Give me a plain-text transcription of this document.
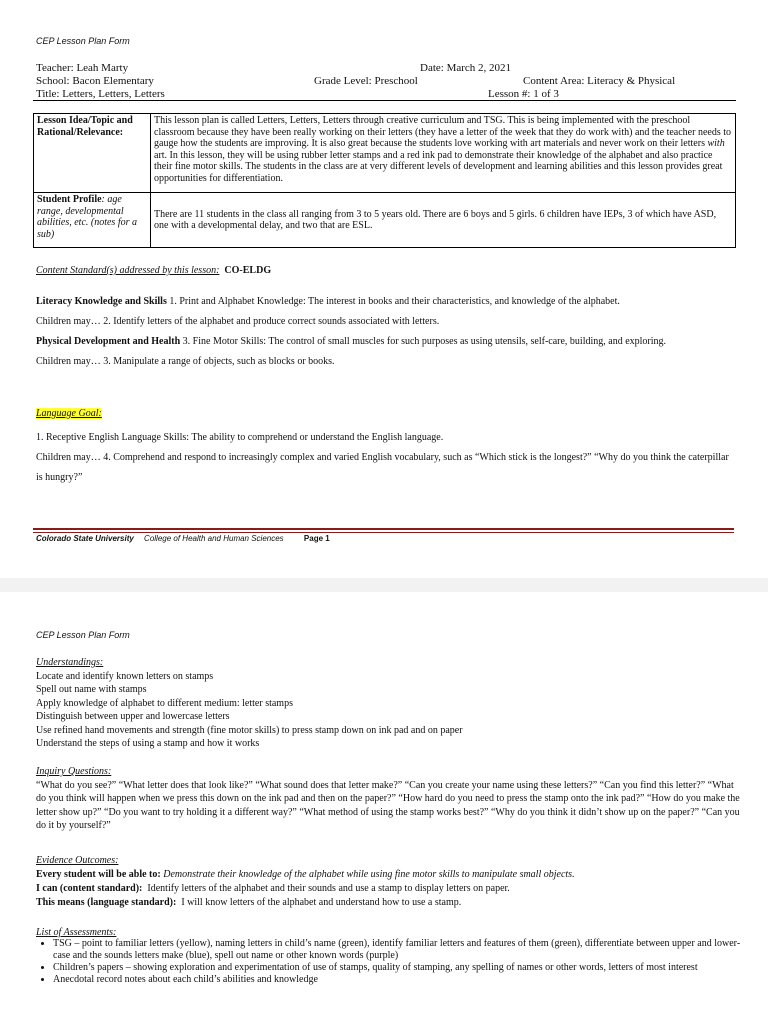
CEP Lesson Plan Form
Teacher: Leah Marty	Date: March 2, 2021
School: Bacon Elementary	Grade Level: Preschool	Content Area: Literacy & Physical
Title: Letters, Letters, Letters	Lesson #: 1 of 3
Lesson Idea/Topic and Rational/Relevance:	This lesson plan is called Letters, Letters, Letters through creative curriculum and TSG. This is being implemented with the preschool classroom because they have been really working on their letters (they have a letter of the week that they do work with) and the teacher needs to gauge how the students are improving. It is also great because the students love working with art materials and never work on their letters with art. In this lesson, they will be using rubber letter stamps and a red ink pad to demonstrate their knowledge of the alphabet and also practice their fine motor skills. The students in the class are at very different levels of development and learning abilities and this lesson provides great opportunities for differentiation.
Student Profile: age range, developmental abilities, etc. (notes for a sub)	There are 11 students in the class all ranging from 3 to 5 years old. There are 6 boys and 5 girls. 6 children have IEPs, 3 of which have ASD, one with a developmental delay, and two that are ESL.
Content Standard(s) addressed by this lesson: CO-ELDG
Literacy Knowledge and Skills 1. Print and Alphabet Knowledge: The interest in books and their characteristics, and knowledge of the alphabet.
Children may… 2. Identify letters of the alphabet and produce correct sounds associated with letters.
Physical Development and Health 3. Fine Motor Skills: The control of small muscles for such purposes as using utensils, self-care, building, and exploring.
Children may… 3. Manipulate a range of objects, such as blocks or books.
Language Goal:
1. Receptive English Language Skills: The ability to comprehend or understand the English language.
Children may… 4. Comprehend and respond to increasingly complex and varied English vocabulary, such as “Which stick is the longest?” “Why do you think the caterpillar is hungry?”
Colorado State University College of Health and Human Sciences	Page 1
CEP Lesson Plan Form
Understandings:
Locate and identify known letters on stamps
Spell out name with stamps
Apply knowledge of alphabet to different medium: letter stamps
Distinguish between upper and lowercase letters
Use refined hand movements and strength (fine motor skills) to press stamp down on ink pad and on paper
Understand the steps of using a stamp and how it works
Inquiry Questions:
“What do you see?” “What letter does that look like?” “What sound does that letter make?” “Can you create your name using these letters?” “Can you find this letter?” “What do you think will happen when we press this down on the ink pad and then on the paper?” “How hard do you need to press the stamp onto the ink pad?” “How do you make the letter show up?” “Do you want to try holding it a different way?” “What method of using the stamp works best?” “Why do you think it didn’t show up on the paper?” “Can you do it by yourself?”
Evidence Outcomes:
Every student will be able to: Demonstrate their knowledge of the alphabet while using fine motor skills to manipulate small objects.
I can (content standard): Identify letters of the alphabet and their sounds and use a stamp to display letters on paper.
This means (language standard): I will know letters of the alphabet and understand how to use a stamp.
List of Assessments:
• TSG – point to familiar letters (yellow), naming letters in child’s name (green), identify familiar letters and features of them (green), differentiate between upper and lower-case and the sounds letters make (blue), spell out name or other known words (purple)
• Children’s papers – showing exploration and experimentation of use of stamps, quality of stamping, any spelling of names or other words, letters of most interest
• Anecdotal record notes about each child’s abilities and knowledge
